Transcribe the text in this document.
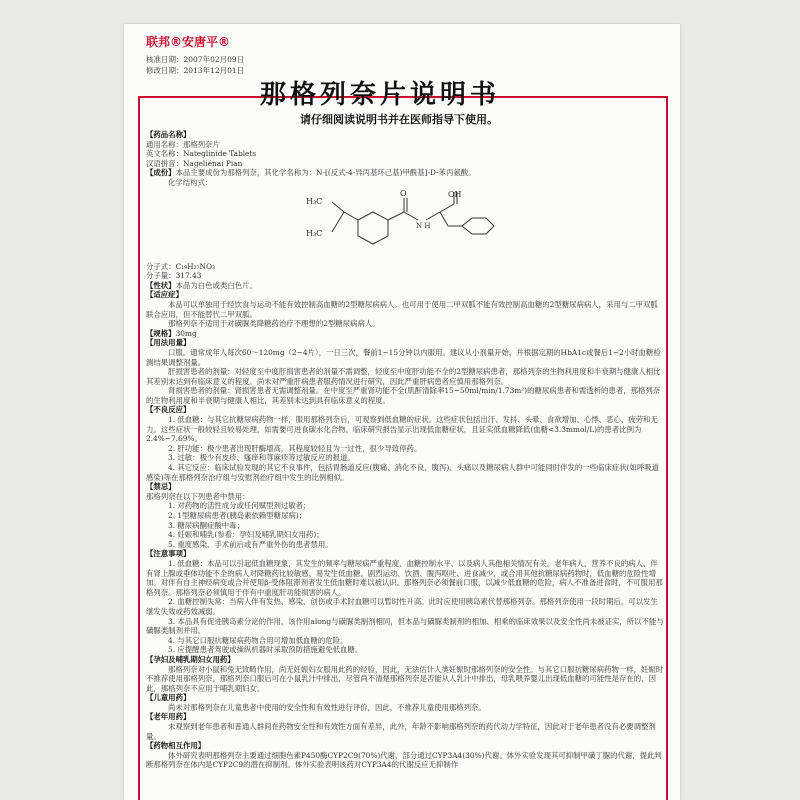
联邦®安唐平®
核准日期：2007年02月09日
修改日期：2013年12月01日
那格列奈片说明书
请仔细阅读说明书并在医师指导下使用。

【药品名称】

通用名称：那格列奈片

英文名称：Nateglinide Tablets

汉语拼音：Nageliénai Pian

【成份】本品主要成份为那格列奈，其化学名称为：N-[(反式-4-异丙基环己基)甲酰基]-D-苯丙氨酸。

化学结构式：

H₃C
H₃C
O
N H
OH

分子式：C₁₉H₂₇NO₃

分子量：317.43

【性状】本品为白色或类白色片。

【适应症】

本品可以单独用于经饮食与运动不能有效控制高血糖的2型糖尿病病人。也可用于使用二甲双胍不能有效控制高血糖的2型糖尿病病人，采用与二甲双胍联合应用，但不能替代二甲双胍。

那格列奈不适用于对磺脲类降糖药治疗不理想的2型糖尿病病人。

【规格】30mg

【用法用量】

口服。通常成年人每次60～120mg（2~4片），一日三次，餐前1~15分钟以内服用。建议从小剂量开始，并根据定期的HbA1c或餐后1~2小时血糖检测结果调整剂量。

肝损害患者的剂量：对轻度至中度肝损害患者的剂量不需调整，轻度至中度肝功能不全的2型糖尿病患者，那格列奈的生物利用度和半衰期与健康人相比其差别未达到有临床意义的程度。尚未对严重肝病患者服药情况进行研究，因此严重肝病患者应慎用那格列奈。

肾损害患者的剂量：肾损害患者无需调整剂量。在中度至严重肾功能不全(肌酐清除率15~50ml/min/1.73m²)的糖尿病患者和需透析的患者，那格列奈的生物利用度和半衰期与健康人相比，其差别未达到具有临床意义的程度。

【不良反应】

1. 低血糖：与其它抗糖尿病药物一样，服用那格列奈后，可观察到低血糖的症状。这些症状包括出汗、发抖、头晕、食欲增加、心悸、恶心、疲劳和无力。这些症状一般较轻且较易处理，如需要可进食碳水化合物。临床研究报告显示出现低血糖症状，且证实低血糖降低(血糖<3.3mmol/L)的患者比例为2.4%~7.69%。

2. 肝功能：极少患者出现肝酶增高，其程度较轻且为一过性，很少导致停药。

3. 过敏：极少有皮疹、瘙痒和荨麻疹等过敏反应的报道。

4. 其它反应：临床试验发现的其它不良事件，包括胃肠道反应(腹痛、消化不良、腹泻)、头痛以及糖尿病人群中可能同时伴发的一些临床症状(如呼吸道感染)等在那格列奈治疗组与安慰剂治疗组中发生的比例相似。

【禁忌】

那格列奈在以下列患者中禁用：

1. 对药物的活性成分或任何赋型剂过敏者；

2. 1型糖尿病患者(胰岛素依赖型糖尿病)；

3. 糖尿病酮症酸中毒；

4. 妊娠和哺乳(参看：孕妇及哺乳期妇女用药)；

5. 重度感染、手术前后或有严重外伤的患者禁用。

【注意事项】

1. 低血糖：本品可以引起低血糖现象，其发生的频率与糖尿病严重程度、血糖控制水平、以及病人其他相关情况有关。老年病人、营养不良的病人、伴有肾上腺或垂体功能不全的病人对降糖药比较敏感，易发生低血糖。剧烈运动、饮酒、腹泻呕吐、进食减少，或合用其他抗糖尿病药物时，低血糖的危险性增加。对伴有自主神经病变或合并使用β-受体阻滞剂者发生低血糖时难以被认识。那格列奈必须餐前口服，以减少低血糖的危险，病人不准备进食时，不可服用那格列奈。那格列奈必须慎用于伴有中重度肝功能损害的病人。

2. 血糖控制失常：当病人伴有发热、感染、创伤或手术时血糖可以暂时性升高。此时应使用胰岛素代替那格列奈。那格列奈使用一段时期后，可以发生继发失效或药效减弱。

3. 本品具有促进胰岛素分泌的作用，该作用along与磺脲类制剂相同，但本品与磺脲类制剂的相加、相乘的临床效果以及安全性尚未被证实，所以不能与磺脲类制剂并用。

4. 与其它口服抗糖尿病药物合用可增加低血糖的危险。

5. 应提醒患者驾驶或操纵机器时采取预防措施避免低血糖。

【孕妇及哺乳期妇女用药】

那格列奈对小鼠和兔无致畸作用，尚无妊娠妇女服用此药的经验，因此，无法估计人类妊娠时那格列奈的安全性。与其它口服抗糖尿病药物一样，妊娠时不推荐使用那格列奈。那格列奈口服后可在小鼠乳汁中排出，尽管尚不清楚那格列奈是否能从人乳汁中排出，母乳喂养婴儿出现低血糖的可能性是存在的，因此，那格列奈不应用于哺乳期妇女。

【儿童用药】

尚未对那格列奈在儿童患者中使用的安全性和有效性进行评价，因此，不推荐儿童使用那格列奈。

【老年用药】

未观察到老年患者和普通人群间在药物安全性和有效性方面有差异，此外，年龄不影响那格列奈的药代动力学特征，因此对于老年患者没有必要调整剂量。

【药物相互作用】

体外研究表明那格列奈主要通过细胞色素P450酶CYP2C9(70%)代谢，部分通过CYP3A4(30%)代谢。体外实验发现其可抑制甲磺丁脲的代谢，提此判断那格列奈在体内是CYP2C9的潜在抑制剂。体外实验表明该药对CYP3A4的代谢反应无抑制作
